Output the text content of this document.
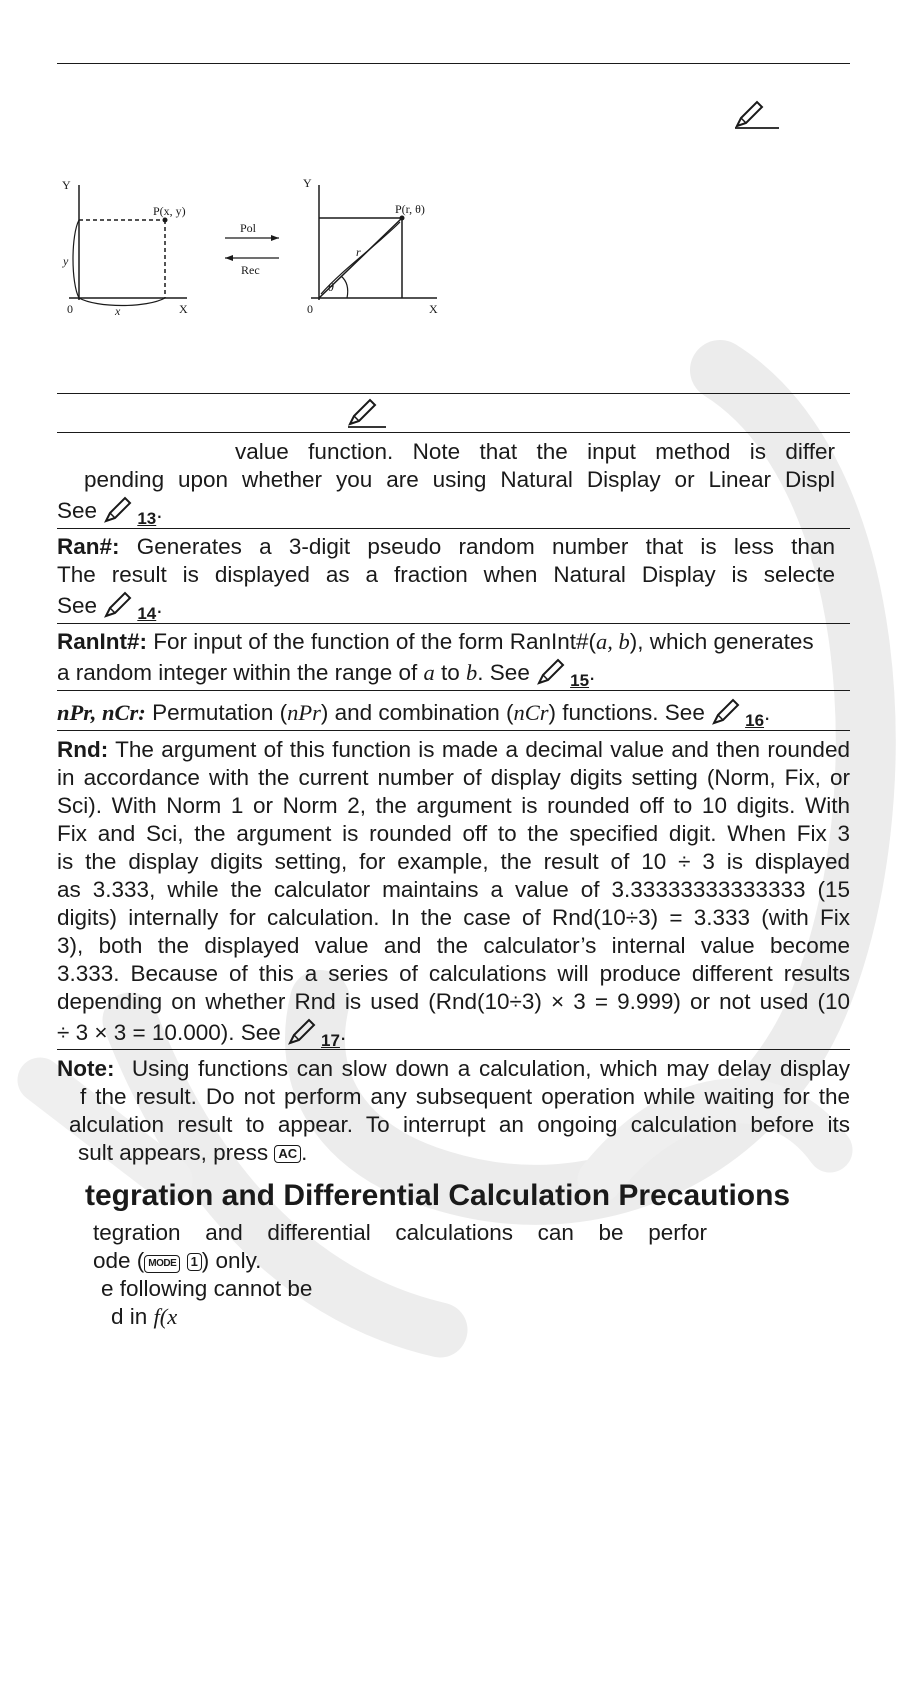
Y
X
0
P(x, y)
y
x
Pol
Rec
Y
X
0
P(r, θ)
r
θ
value function. Note that the input method is differ
pending upon whether you are using Natural Display or Linear Displ
See $_{13}$.
Ran#: Generates a 3-digit pseudo random number that is less than
The result is displayed as a fraction when Natural Display is selecte
See $_{14}$.
RanInt#: For input of the function of the form RanInt#(a, b), which generates
a random integer within the range of a to b. See $_{15}$.
nPr, nCr: Permutation (nPr) and combination (nCr) functions. See $_{16}$.
Rnd: The argument of this function is made a decimal value and then rounded
in accordance with the current number of display digits setting (Norm, Fix, or
Sci). With Norm 1 or Norm 2, the argument is rounded off to 10 digits. With
Fix and Sci, the argument is rounded off to the specified digit. When Fix 3
is the display digits setting, for example, the result of 10 ÷ 3 is displayed
as 3.333, while the calculator maintains a value of 3.33333333333333 (15
digits) internally for calculation. In the case of Rnd(10÷3) = 3.333 (with Fix
3), both the displayed value and the calculator’s internal value become
3.333. Because of this a series of calculations will produce different results
depending on whether Rnd is used (Rnd(10÷3) × 3 = 9.999) or not used (10
÷ 3 × 3 = 10.000). See $_{17}$.
Note: Using functions can slow down a calculation, which may delay display
f the result. Do not perform any subsequent operation while waiting for the
alculation result to appear. To interrupt an ongoing calculation before its
sult appears, press AC .
tegration and Differential Calculation Precautions
tegration and differential calculations can be perfor
ode ( MODE 1 ) only.
e following cannot be
d in f(x
